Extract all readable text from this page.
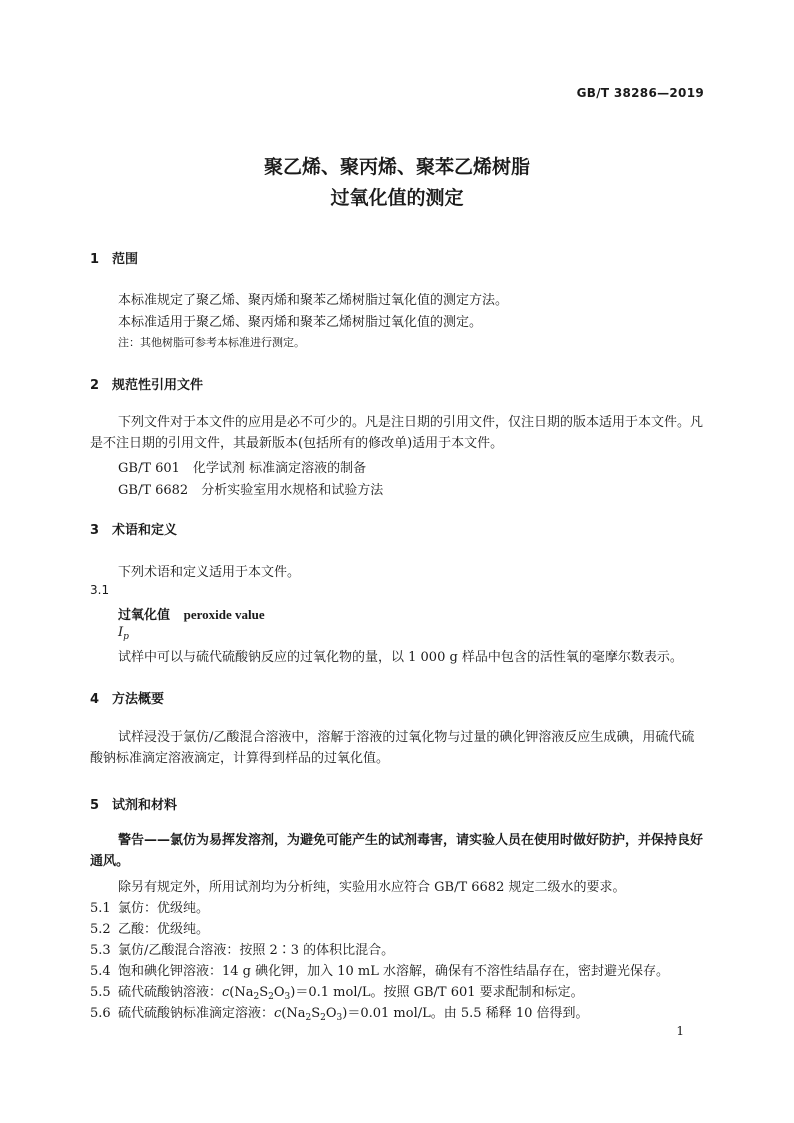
GB/T 38286—2019
聚乙烯、聚丙烯、聚苯乙烯树脂
过氧化值的测定
1 范围
本标准规定了聚乙烯、聚丙烯和聚苯乙烯树脂过氧化值的测定方法。
本标准适用于聚乙烯、聚丙烯和聚苯乙烯树脂过氧化值的测定。
注：其他树脂可参考本标准进行测定。
2 规范性引用文件
下列文件对于本文件的应用是必不可少的。凡是注日期的引用文件，仅注日期的版本适用于本文件。凡是不注日期的引用文件，其最新版本(包括所有的修改单)适用于本文件。
GB/T 601　化学试剂 标准滴定溶液的制备
GB/T 6682　分析实验室用水规格和试验方法
3 术语和定义
下列术语和定义适用于本文件。
3.1
过氧化值 peroxide value
$I_p$
试样中可以与硫代硫酸钠反应的过氧化物的量，以 1 000 g 样品中包含的活性氧的毫摩尔数表示。
4 方法概要
试样浸没于氯仿/乙酸混合溶液中，溶解于溶液的过氧化物与过量的碘化钾溶液反应生成碘，用硫代硫酸钠标准滴定溶液滴定，计算得到样品的过氧化值。
5 试剂和材料
警告——氯仿为易挥发溶剂，为避免可能产生的试剂毒害，请实验人员在使用时做好防护，并保持良好通风。
除另有规定外，所用试剂均为分析纯，实验用水应符合 GB/T 6682 规定二级水的要求。
5.1 氯仿：优级纯。
5.2 乙酸：优级纯。
5.3 氯仿/乙酸混合溶液：按照 2∶3 的体积比混合。
5.4 饱和碘化钾溶液：14 g 碘化钾，加入 10 mL 水溶解，确保有不溶性结晶存在，密封避光保存。
5.5 硫代硫酸钠溶液：$c(Na_2S_2O_3)=0.1$ mol/L。按照 GB/T 601 要求配制和标定。
5.6 硫代硫酸钠标准滴定溶液：$c(Na_2S_2O_3)=0.01$ mol/L。由 5.5 稀释 10 倍得到。
1
